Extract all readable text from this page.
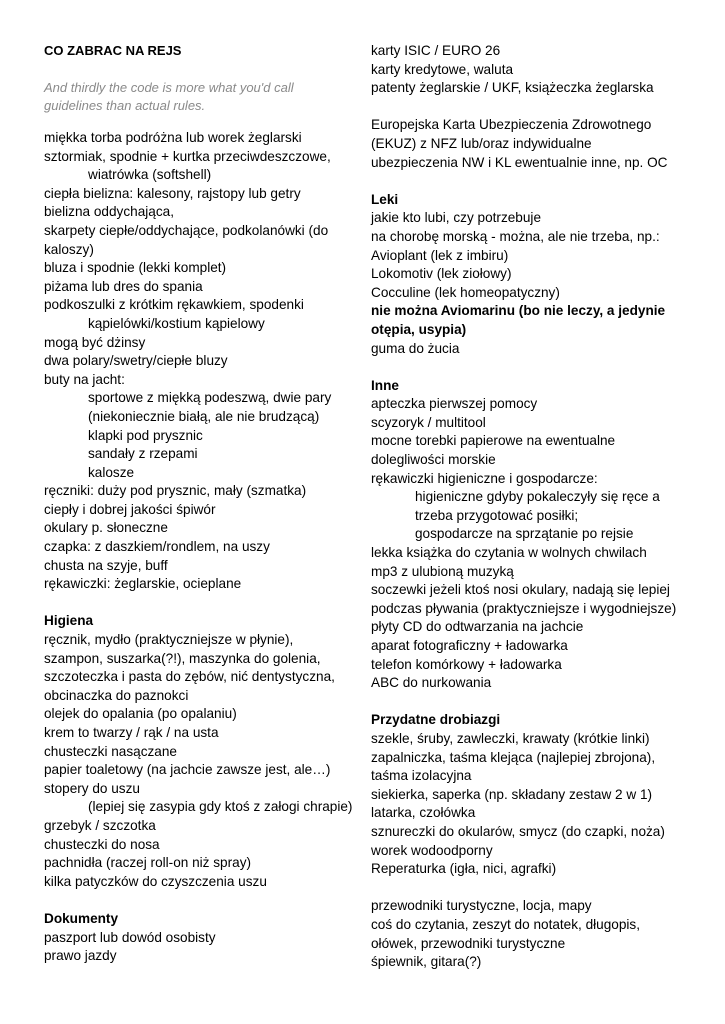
CO ZABRAC NA REJS
And thirdly the code is more what you'd call guidelines than actual rules.
miękka torba podróżna lub worek żeglarski
sztormiak, spodnie + kurtka przeciwdeszczowe,
wiatrówka (softshell)
ciepła bielizna: kalesony, rajstopy lub getry
bielizna oddychająca,
skarpety ciepłe/oddychające, podkolanówki (do
kaloszy)
bluza i spodnie (lekki komplet)
piżama lub dres do spania
podkoszulki z krótkim rękawkiem, spodenki
kąpielówki/kostium kąpielowy
mogą być dżinsy
dwa polary/swetry/ciepłe bluzy
buty na jacht:
sportowe z miękką podeszwą, dwie pary
(niekoniecznie białą, ale nie brudzącą)
klapki pod prysznic
sandały z rzepami
kalosze
ręczniki: duży pod prysznic, mały (szmatka)
ciepły i dobrej jakości śpiwór
okulary p. słoneczne
czapka: z daszkiem/rondlem, na uszy
chusta na szyje, buff
rękawiczki: żeglarskie, ocieplane
Higiena
ręcznik, mydło (praktyczniejsze w płynie),
szampon, suszarka(?!), maszynka do golenia,
szczoteczka i pasta do zębów, nić dentystyczna,
obcinaczka do paznokci
olejek do opalania (po opalaniu)
krem to twarzy / rąk / na usta
chusteczki nasączane
papier toaletowy (na jachcie zawsze jest, ale…)
stopery do uszu
(lepiej się zasypia gdy ktoś z załogi chrapie)
grzebyk / szczotka
chusteczki do nosa
pachnidła (raczej roll-on niż spray)
kilka patyczków do czyszczenia uszu
Dokumenty
paszport lub dowód osobisty
prawo jazdy
karty ISIC / EURO 26
karty kredytowe, waluta
patenty żeglarskie / UKF, książeczka żeglarska
Europejska Karta Ubezpieczenia Zdrowotnego
(EKUZ) z NFZ lub/oraz indywidualne
ubezpieczenia NW i KL ewentualnie inne, np. OC
Leki
jakie kto lubi, czy potrzebuje
na chorobę morską - można, ale nie trzeba, np.:
Avioplant (lek z imbiru)
Lokomotiv (lek ziołowy)
Cocculine (lek homeopatyczny)
nie można Aviomarinu (bo nie leczy, a jedynie
otępia, usypia)
guma do żucia
Inne
apteczka pierwszej pomocy
scyzoryk / multitool
mocne torebki papierowe na ewentualne
dolegliwości morskie
rękawiczki higieniczne i gospodarcze:
higieniczne gdyby pokaleczyły się ręce a
trzeba przygotować posiłki;
gospodarcze na sprzątanie po rejsie
lekka książka do czytania w wolnych chwilach
mp3 z ulubioną muzyką
soczewki jeżeli ktoś nosi okulary, nadają się lepiej
podczas pływania (praktyczniejsze i wygodniejsze)
płyty CD do odtwarzania na jachcie
aparat fotograficzny + ładowarka
telefon komórkowy + ładowarka
ABC do nurkowania
Przydatne drobiazgi
szekle, śruby, zawleczki, krawaty (krótkie linki)
zapalniczka, taśma klejąca (najlepiej zbrojona),
taśma izolacyjna
siekierka, saperka (np. składany zestaw 2 w 1)
latarka, czołówka
sznureczki do okularów, smycz (do czapki, noża)
worek wodoodporny
Reperaturka (igła, nici, agrafki)
przewodniki turystyczne, locja, mapy
coś do czytania, zeszyt do notatek, długopis,
ołówek, przewodniki turystyczne
śpiewnik, gitara(?)
